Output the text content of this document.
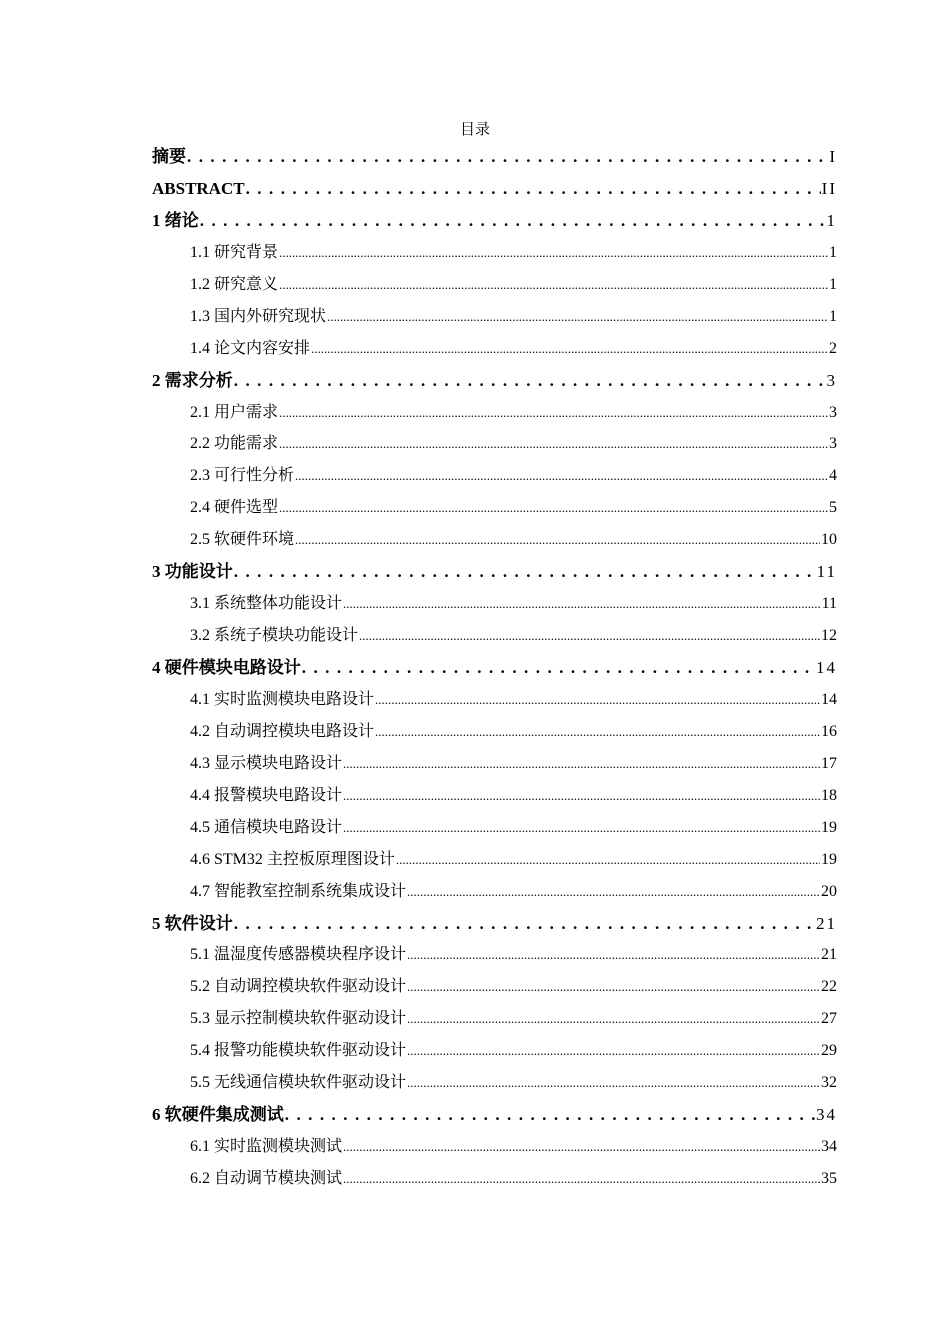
目录
摘要 . . .	I
ABSTRACT . . .	II
1 绪论 . . .	1
1.1 研究背景 .....	1
1.2 研究意义 .....	1
1.3 国内外研究现状 .....	1
1.4 论文内容安排 .....	2
2 需求分析 . . .	3
2.1 用户需求 .....	3
2.2 功能需求 .....	3
2.3 可行性分析 .....	4
2.4 硬件选型 .....	5
2.5 软硬件环境 .....	10
3 功能设计 . . .	11
3.1 系统整体功能设计 .....	11
3.2 系统子模块功能设计 .....	12
4 硬件模块电路设计 . . .	14
4.1 实时监测模块电路设计 .....	14
4.2 自动调控模块电路设计 .....	16
4.3 显示模块电路设计 .....	17
4.4 报警模块电路设计 .....	18
4.5 通信模块电路设计 .....	19
4.6 STM32 主控板原理图设计 .....	19
4.7 智能教室控制系统集成设计 .....	20
5 软件设计 . . .	21
5.1 温湿度传感器模块程序设计 .....	21
5.2 自动调控模块软件驱动设计 .....	22
5.3 显示控制模块软件驱动设计 .....	27
5.4 报警功能模块软件驱动设计 .....	29
5.5 无线通信模块软件驱动设计 .....	32
6 软硬件集成测试 . . .	34
6.1 实时监测模块测试 .....	34
6.2 自动调节模块测试 .....	35
